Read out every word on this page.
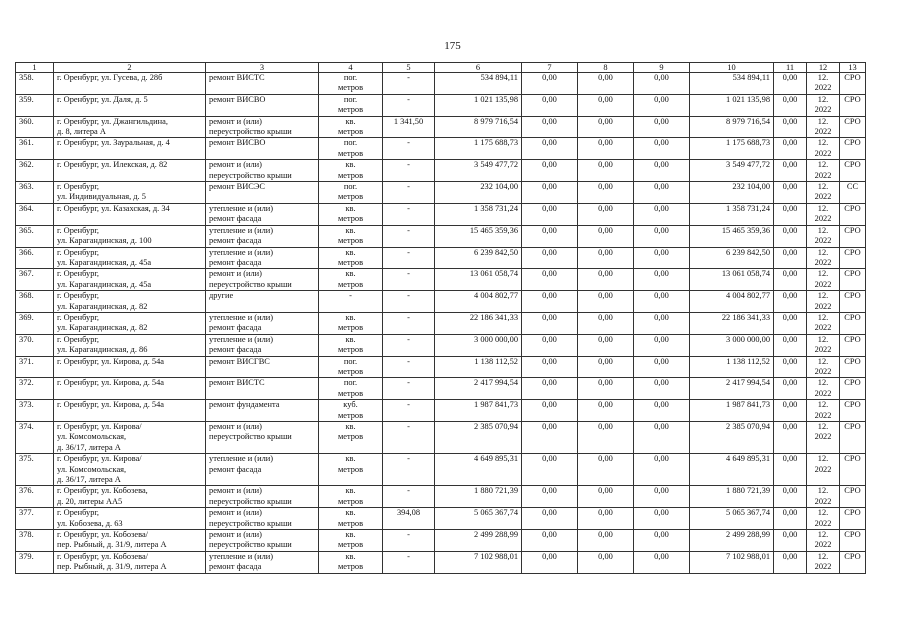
175
1	2	3	4	5	6	7	8	9	10	11	12	13
358.	г. Оренбург, ул. Гусева, д. 28б	ремонт ВИСТС	пог.
метров	-	534 894,11	0,00	0,00	0,00	534 894,11	0,00	12.
2022	СРО
359.	г. Оренбург, ул. Даля, д. 5	ремонт ВИСВО	пог.
метров	-	1 021 135,98	0,00	0,00	0,00	1 021 135,98	0,00	12.
2022	СРО
360.	г. Оренбург, ул. Джангильдина,
д. 8, литера А	ремонт и (или)
переустройство крыши	кв.
метров	1 341,50	8 979 716,54	0,00	0,00	0,00	8 979 716,54	0,00	12.
2022	СРО
361.	г. Оренбург, ул. Зауральная, д. 4	ремонт ВИСВО	пог.
метров	-	1 175 688,73	0,00	0,00	0,00	1 175 688,73	0,00	12.
2022	СРО
362.	г. Оренбург, ул. Илекская, д. 82	ремонт и (или)
переустройство крыши	кв.
метров	-	3 549 477,72	0,00	0,00	0,00	3 549 477,72	0,00	12.
2022	СРО
363.	г. Оренбург,
ул. Индивидуальная, д. 5	ремонт ВИСЭС	пог.
метров	-	232 104,00	0,00	0,00	0,00	232 104,00	0,00	12.
2022	СС
364.	г. Оренбург, ул. Казахская, д. 34	утепление и (или)
ремонт фасада	кв.
метров	-	1 358 731,24	0,00	0,00	0,00	1 358 731,24	0,00	12.
2022	СРО
365.	г. Оренбург,
ул. Карагандинская, д. 100	утепление и (или)
ремонт фасада	кв.
метров	-	15 465 359,36	0,00	0,00	0,00	15 465 359,36	0,00	12.
2022	СРО
366.	г. Оренбург,
ул. Карагандинская, д. 45а	утепление и (или)
ремонт фасада	кв.
метров	-	6 239 842,50	0,00	0,00	0,00	6 239 842,50	0,00	12.
2022	СРО
367.	г. Оренбург,
ул. Карагандинская, д. 45а	ремонт и (или)
переустройство крыши	кв.
метров	-	13 061 058,74	0,00	0,00	0,00	13 061 058,74	0,00	12.
2022	СРО
368.	г. Оренбург,
ул. Карагандинская, д. 82	другие	-	-	4 004 802,77	0,00	0,00	0,00	4 004 802,77	0,00	12.
2022	СРО
369.	г. Оренбург,
ул. Карагандинская, д. 82	утепление и (или)
ремонт фасада	кв.
метров	-	22 186 341,33	0,00	0,00	0,00	22 186 341,33	0,00	12.
2022	СРО
370.	г. Оренбург,
ул. Карагандинская, д. 86	утепление и (или)
ремонт фасада	кв.
метров	-	3 000 000,00	0,00	0,00	0,00	3 000 000,00	0,00	12.
2022	СРО
371.	г. Оренбург, ул. Кирова, д. 54а	ремонт ВИСГВС	пог.
метров	-	1 138 112,52	0,00	0,00	0,00	1 138 112,52	0,00	12.
2022	СРО
372.	г. Оренбург, ул. Кирова, д. 54а	ремонт ВИСТС	пог.
метров	-	2 417 994,54	0,00	0,00	0,00	2 417 994,54	0,00	12.
2022	СРО
373.	г. Оренбург, ул. Кирова, д. 54а	ремонт фундамента	куб.
метров	-	1 987 841,73	0,00	0,00	0,00	1 987 841,73	0,00	12.
2022	СРО
374.	г. Оренбург, ул. Кирова/
ул. Комсомольская,
д. 36/17, литера А	ремонт и (или)
переустройство крыши	кв.
метров	-	2 385 070,94	0,00	0,00	0,00	2 385 070,94	0,00	12.
2022	СРО
375.	г. Оренбург, ул. Кирова/
ул. Комсомольская,
д. 36/17, литера А	утепление и (или)
ремонт фасада	кв.
метров	-	4 649 895,31	0,00	0,00	0,00	4 649 895,31	0,00	12.
2022	СРО
376.	г. Оренбург, ул. Кобозева,
д. 20, литеры АА5	ремонт и (или)
переустройство крыши	кв.
метров	-	1 880 721,39	0,00	0,00	0,00	1 880 721,39	0,00	12.
2022	СРО
377.	г. Оренбург,
ул. Кобозева, д. 63	ремонт и (или)
переустройство крыши	кв.
метров	394,08	5 065 367,74	0,00	0,00	0,00	5 065 367,74	0,00	12.
2022	СРО
378.	г. Оренбург, ул. Кобозева/
пер. Рыбный, д. 31/9, литера А	ремонт и (или)
переустройство крыши	кв.
метров	-	2 499 288,99	0,00	0,00	0,00	2 499 288,99	0,00	12.
2022	СРО
379.	г. Оренбург, ул. Кобозева/
пер. Рыбный, д. 31/9, литера А	утепление и (или)
ремонт фасада	кв.
метров	-	7 102 988,01	0,00	0,00	0,00	7 102 988,01	0,00	12.
2022	СРО
